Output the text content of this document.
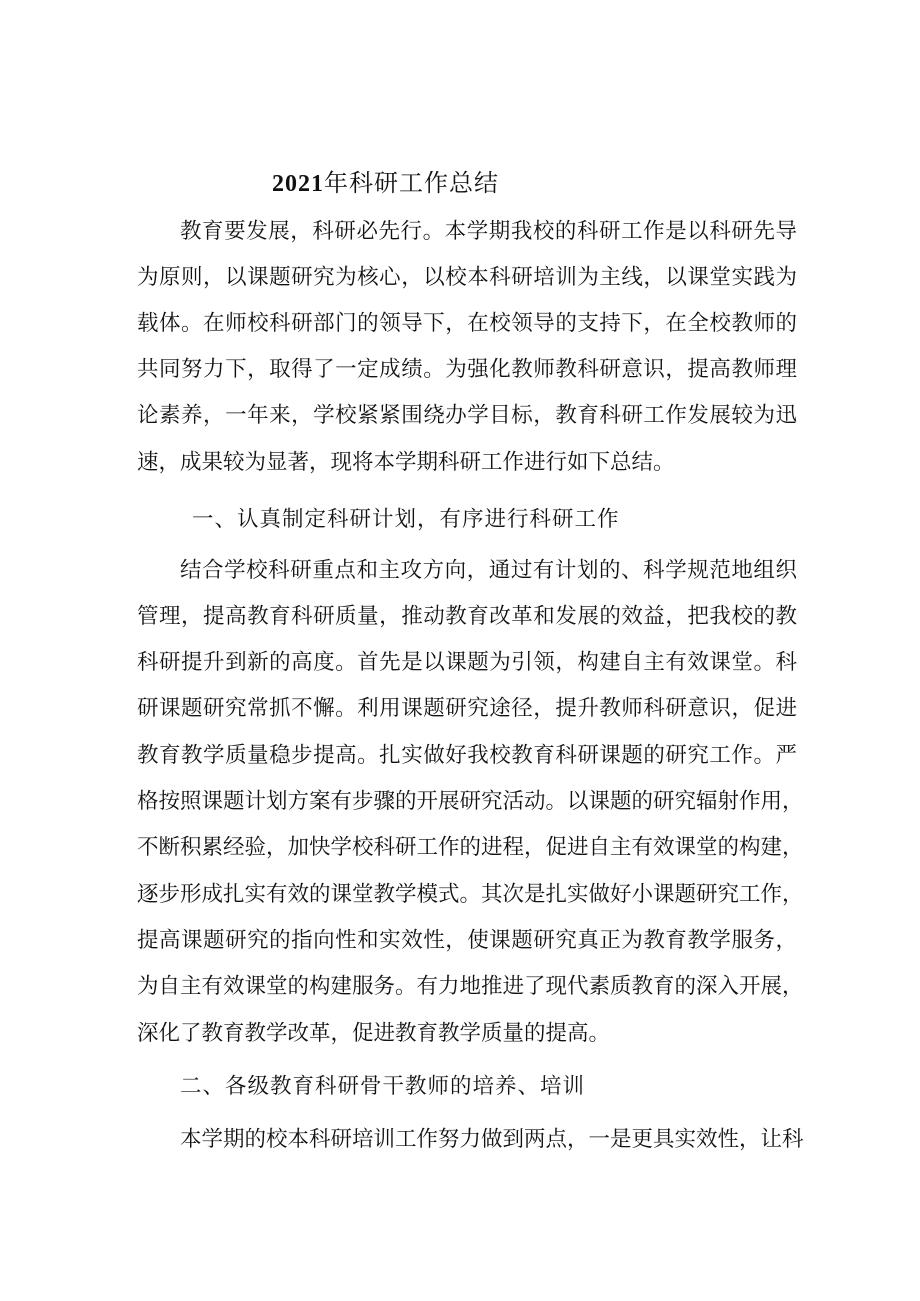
2021年科研工作总结
教育要发展，科研必先行。本学期我校的科研工作是以科研先导
为原则，以课题研究为核心，以校本科研培训为主线，以课堂实践为
载体。在师校科研部门的领导下，在校领导的支持下，在全校教师的
共同努力下，取得了一定成绩。为强化教师教科研意识，提高教师理
论素养，一年来，学校紧紧围绕办学目标，教育科研工作发展较为迅
速，成果较为显著，现将本学期科研工作进行如下总结。
一、认真制定科研计划，有序进行科研工作
结合学校科研重点和主攻方向，通过有计划的、科学规范地组织
管理，提高教育科研质量，推动教育改革和发展的效益，把我校的教
科研提升到新的高度。首先是以课题为引领，构建自主有效课堂。科
研课题研究常抓不懈。利用课题研究途径，提升教师科研意识，促进
教育教学质量稳步提高。扎实做好我校教育科研课题的研究工作。严
格按照课题计划方案有步骤的开展研究活动。以课题的研究辐射作用，
不断积累经验，加快学校科研工作的进程，促进自主有效课堂的构建，
逐步形成扎实有效的课堂教学模式。其次是扎实做好小课题研究工作，
提高课题研究的指向性和实效性，使课题研究真正为教育教学服务，
为自主有效课堂的构建服务。有力地推进了现代素质教育的深入开展，
深化了教育教学改革，促进教育教学质量的提高。
二、各级教育科研骨干教师的培养、培训
本学期的校本科研培训工作努力做到两点，一是更具实效性，让科
